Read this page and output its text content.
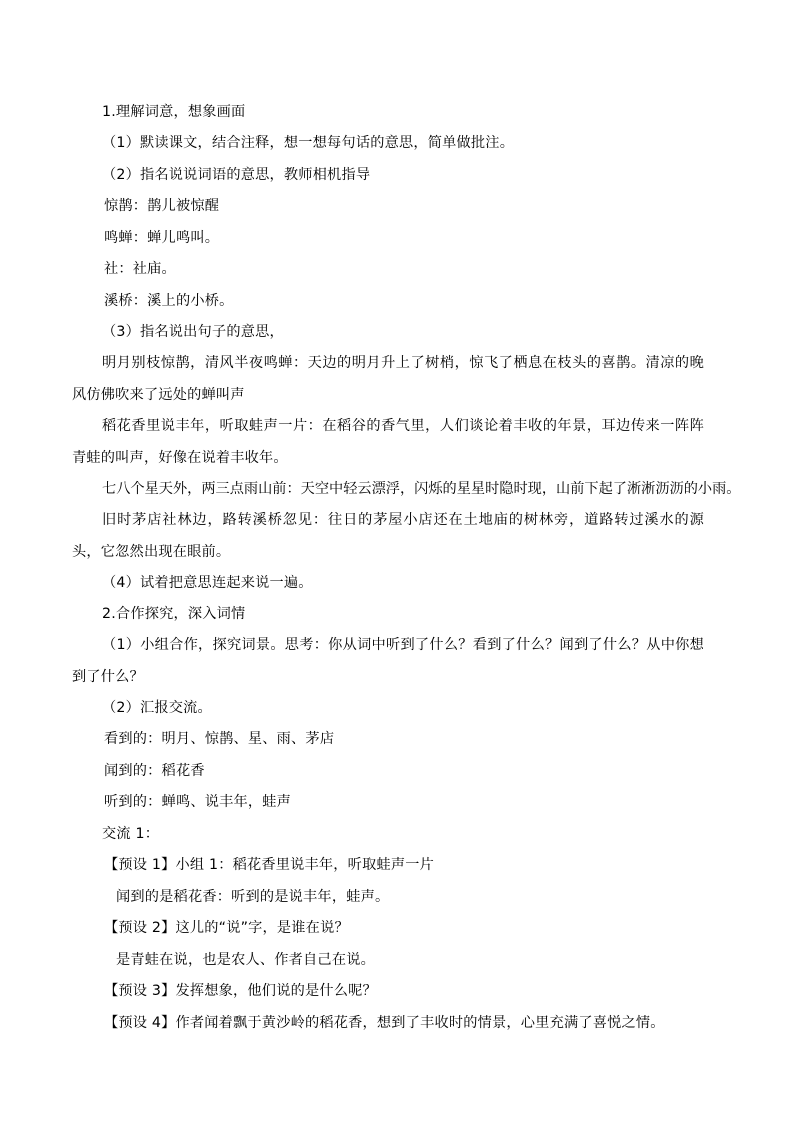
1.理解词意，想象画面
（1）默读课文，结合注释，想一想每句话的意思，简单做批注。
（2）指名说说词语的意思，教师相机指导
惊鹊：鹊儿被惊醒
鸣蝉：蝉儿鸣叫。
社：社庙。
溪桥：溪上的小桥。
（3）指名说出句子的意思，
明月别枝惊鹊，清风半夜鸣蝉：天边的明月升上了树梢，惊飞了栖息在枝头的喜鹊。清凉的晚风仿佛吹来了远处的蝉叫声
稻花香里说丰年，听取蛙声一片：在稻谷的香气里，人们谈论着丰收的年景，耳边传来一阵阵青蛙的叫声，好像在说着丰收年。
七八个星天外，两三点雨山前：天空中轻云漂浮，闪烁的星星时隐时现，山前下起了淅淅沥沥的小雨。
旧时茅店社林边，路转溪桥忽见：往日的茅屋小店还在土地庙的树林旁，道路转过溪水的源头，它忽然出现在眼前。
（4）试着把意思连起来说一遍。
2.合作探究，深入词情
（1）小组合作，探究词景。思考：你从词中听到了什么？看到了什么？闻到了什么？从中你想到了什么？
（2）汇报交流。
看到的：明月、惊鹊、星、雨、茅店
闻到的：稻花香
听到的：蝉鸣、说丰年，蛙声
交流 1：
【预设 1】小组 1：稻花香里说丰年，听取蛙声一片
闻到的是稻花香：听到的是说丰年，蛙声。
【预设 2】这儿的“说”字，是谁在说？
是青蛙在说，也是农人、作者自己在说。
【预设 3】发挥想象，他们说的是什么呢？
【预设 4】作者闻着飘于黄沙岭的稻花香，想到了丰收时的情景，心里充满了喜悦之情。
